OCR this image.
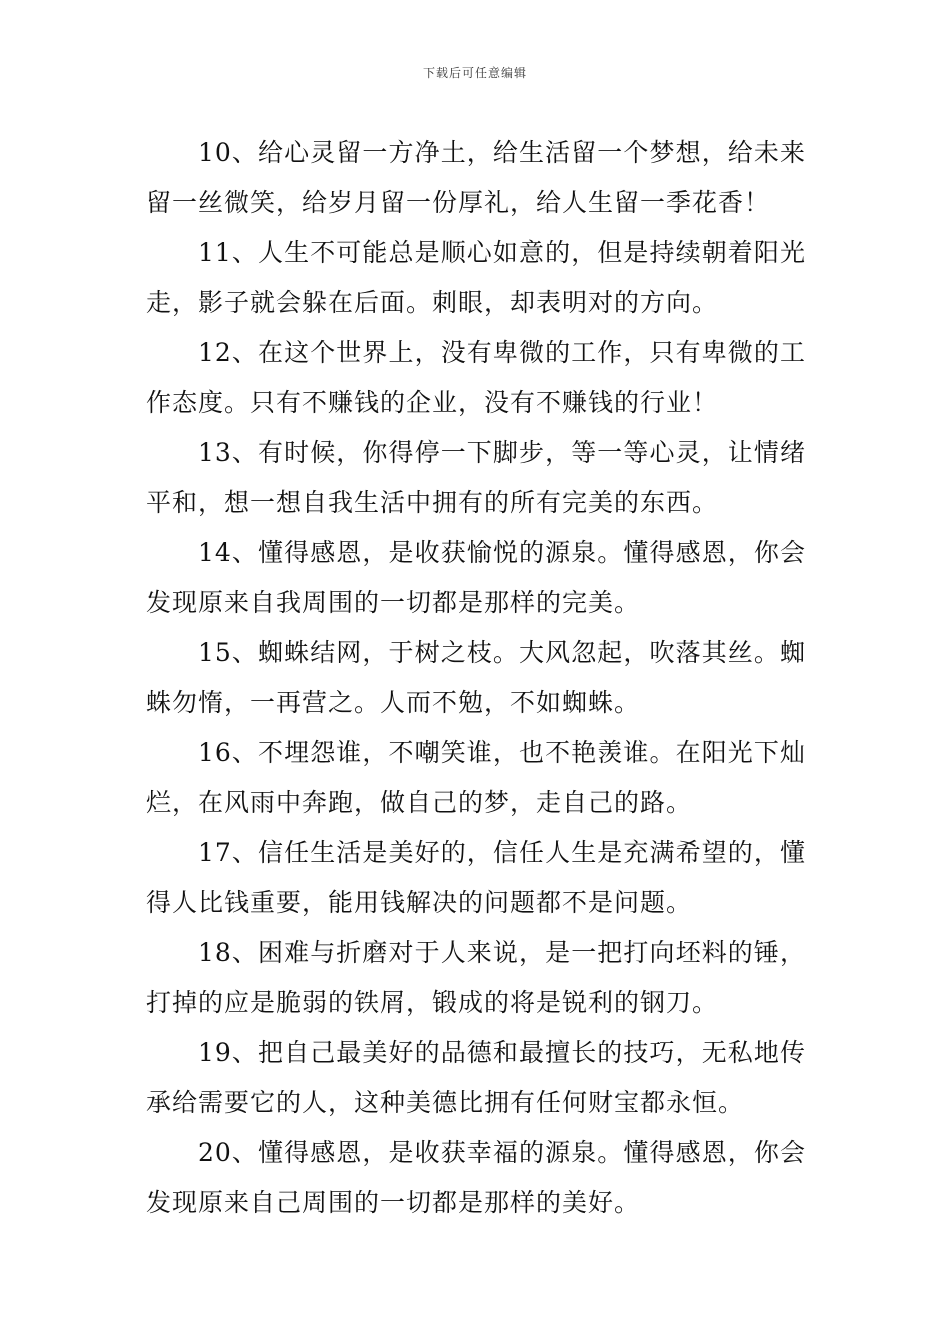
下载后可任意编辑

10、给心灵留一方净土，给生活留一个梦想，给未来留一丝微笑，给岁月留一份厚礼，给人生留一季花香！

11、人生不可能总是顺心如意的，但是持续朝着阳光走，影子就会躲在后面。刺眼，却表明对的方向。

12、在这个世界上，没有卑微的工作，只有卑微的工作态度。只有不赚钱的企业，没有不赚钱的行业！

13、有时候，你得停一下脚步，等一等心灵，让情绪平和，想一想自我生活中拥有的所有完美的东西。

14、懂得感恩，是收获愉悦的源泉。懂得感恩，你会发现原来自我周围的一切都是那样的完美。

15、蜘蛛结网，于树之枝。大风忽起，吹落其丝。蜘蛛勿惰，一再营之。人而不勉，不如蜘蛛。

16、不埋怨谁，不嘲笑谁，也不艳羡谁。在阳光下灿烂，在风雨中奔跑，做自己的梦，走自己的路。

17、信任生活是美好的，信任人生是充满希望的，懂得人比钱重要，能用钱解决的问题都不是问题。

18、困难与折磨对于人来说，是一把打向坯料的锤，打掉的应是脆弱的铁屑，锻成的将是锐利的钢刀。

19、把自己最美好的品德和最擅长的技巧，无私地传承给需要它的人，这种美德比拥有任何财宝都永恒。

20、懂得感恩，是收获幸福的源泉。懂得感恩，你会发现原来自己周围的一切都是那样的美好。
